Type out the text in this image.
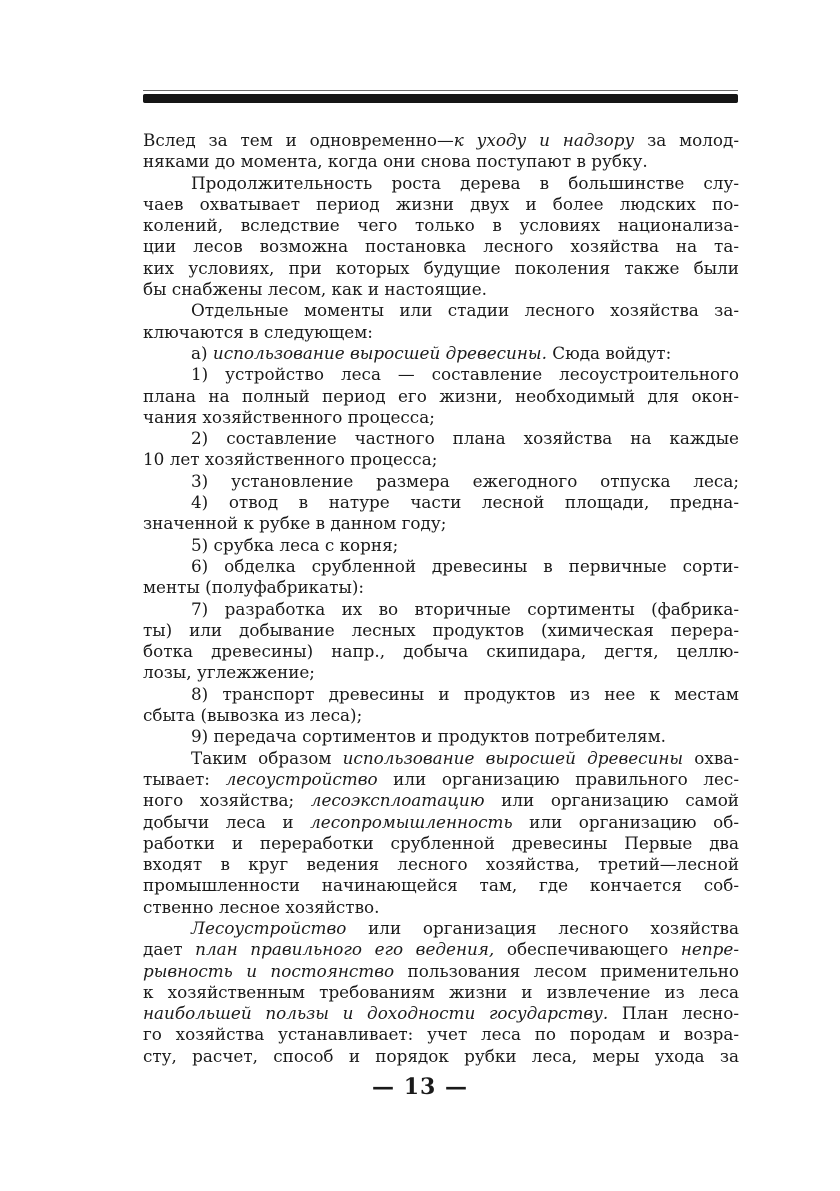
Вслед за тем и одновременно—к уходу и надзору за молод-
няками до момента, когда они снова поступают в рубку.
Продолжительность роста дерева в большинстве слу-
чаев охватывает период жизни двух и более людских по-
колений, вследствие чего только в условиях национализа-
ции лесов возможна постановка лесного хозяйства на та-
ких условиях, при которых будущие поколения также были
бы снабжены лесом, как и настоящие.
Отдельные моменты или стадии лесного хозяйства за-
ключаются в следующем:
а) использование выросшей древесины. Сюда войдут:
1) устройство леса — составление лесоустроительного
плана на полный период его жизни, необходимый для окон-
чания хозяйственного процесса;
2) составление частного плана хозяйства на каждые
10 лет хозяйственного процесса;
3) установление размера ежегодного отпуска леса;
4) отвод в натуре части лесной площади, предна-
значенной к рубке в данном году;
5) срубка леса с корня;
6) обделка срубленной древесины в первичные сорти-
менты (полуфабрикаты):
7) разработка их во вторичные сортименты (фабрика-
ты) или добывание лесных продуктов (химическая перера-
ботка древесины) напр., добыча скипидара, дегтя, целлю-
лозы, углежжение;
8) транспорт древесины и продуктов из нее к местам
сбыта (вывозка из леса);
9) передача сортиментов и продуктов потребителям.
Таким образом использование выросшей древесины охва-
тывает: лесоустройство или организацию правильного лес-
ного хозяйства; лесоэксплоатацию или организацию самой
добычи леса и лесопромышленность или организацию об-
работки и переработки срубленной древесины Первые два
входят в круг ведения лесного хозяйства, третий—лесной
промышленности начинающейся там, где кончается соб-
ственно лесное хозяйство.
Лесоустройство или организация лесного хозяйства
дает план правильного его ведения, обеспечивающего непре-
рывность и постоянство пользования лесом применительно
к хозяйственным требованиям жизни и извлечение из леса
наибольшей пользы и доходности государству. План лесно-
го хозяйства устанавливает: учет леса по породам и возра-
сту, расчет, способ и порядок рубки леса, меры ухода за
— 13 —
